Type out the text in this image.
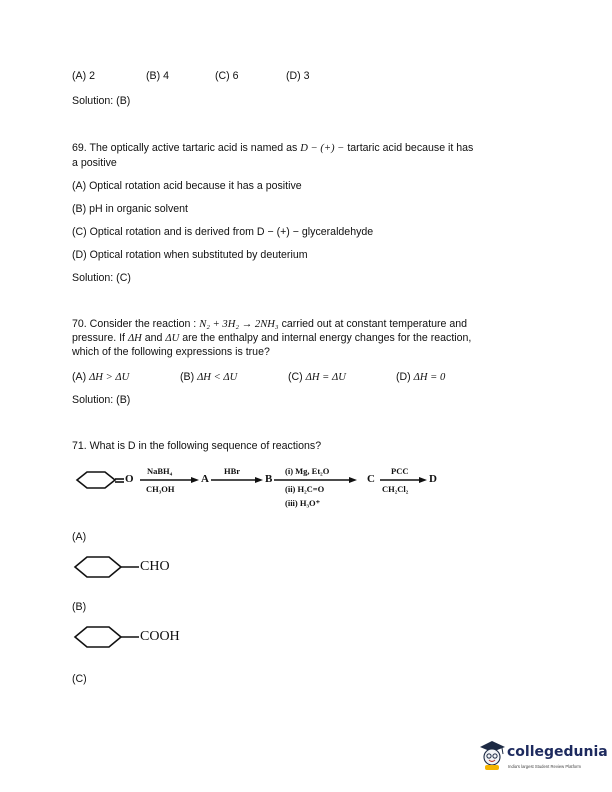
(A) 2	(B) 4	(C) 6	(D) 3
Solution: (B)
69. The optically active tartaric acid is named as D − (+) − tartaric acid because it has
a positive
(A) Optical rotation acid because it has a positive
(B) pH in organic solvent
(C) Optical rotation and is derived from D − (+) − glyceraldehyde
(D) Optical rotation when substituted by deuterium
Solution: (C)
70. Consider the reaction : N₂ + 3H₂ → 2NH₃ carried out at constant temperature and
pressure. If ΔH and ΔU are the enthalpy and internal energy changes for the reaction,
which of the following expressions is true?
(A) ΔH > ΔU	(B) ΔH < ΔU	(C) ΔH = ΔU	(D) ΔH = 0
Solution: (B)
71. What is D in the following sequence of reactions?
O
NaBH₄
CH₃OH
A
HBr
B
(i) Mg, Et₂O
(ii) H₂C=O
(iii) H₃O⁺
C
PCC
CH₂Cl₂
D
(A)
CHO
(B)
COOH
(C)
collegedunia
India's largest Student Review Platform
